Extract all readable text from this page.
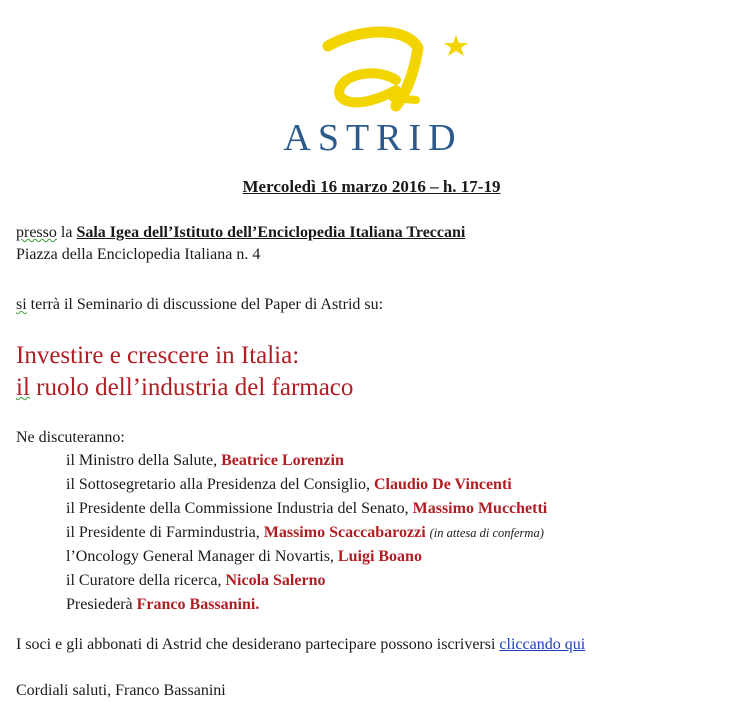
ASTRID
Mercoledì 16 marzo 2016 – h. 17-19
presso la Sala Igea dell’Istituto dell’Enciclopedia Italiana Treccani
Piazza della Enciclopedia Italiana n. 4
si terrà il Seminario di discussione del Paper di Astrid su:
Investire e crescere in Italia:
il ruolo dell’industria del farmaco
Ne discuteranno:
il Ministro della Salute, Beatrice Lorenzin
il Sottosegretario alla Presidenza del Consiglio, Claudio De Vincenti
il Presidente della Commissione Industria del Senato, Massimo Mucchetti
il Presidente di Farmindustria, Massimo Scaccabarozzi (in attesa di conferma)
l’Oncology General Manager di Novartis, Luigi Boano
il Curatore della ricerca, Nicola Salerno
Presiederà Franco Bassanini.
I soci e gli abbonati di Astrid che desiderano partecipare possono iscriversi cliccando qui
Cordiali saluti, Franco Bassanini
